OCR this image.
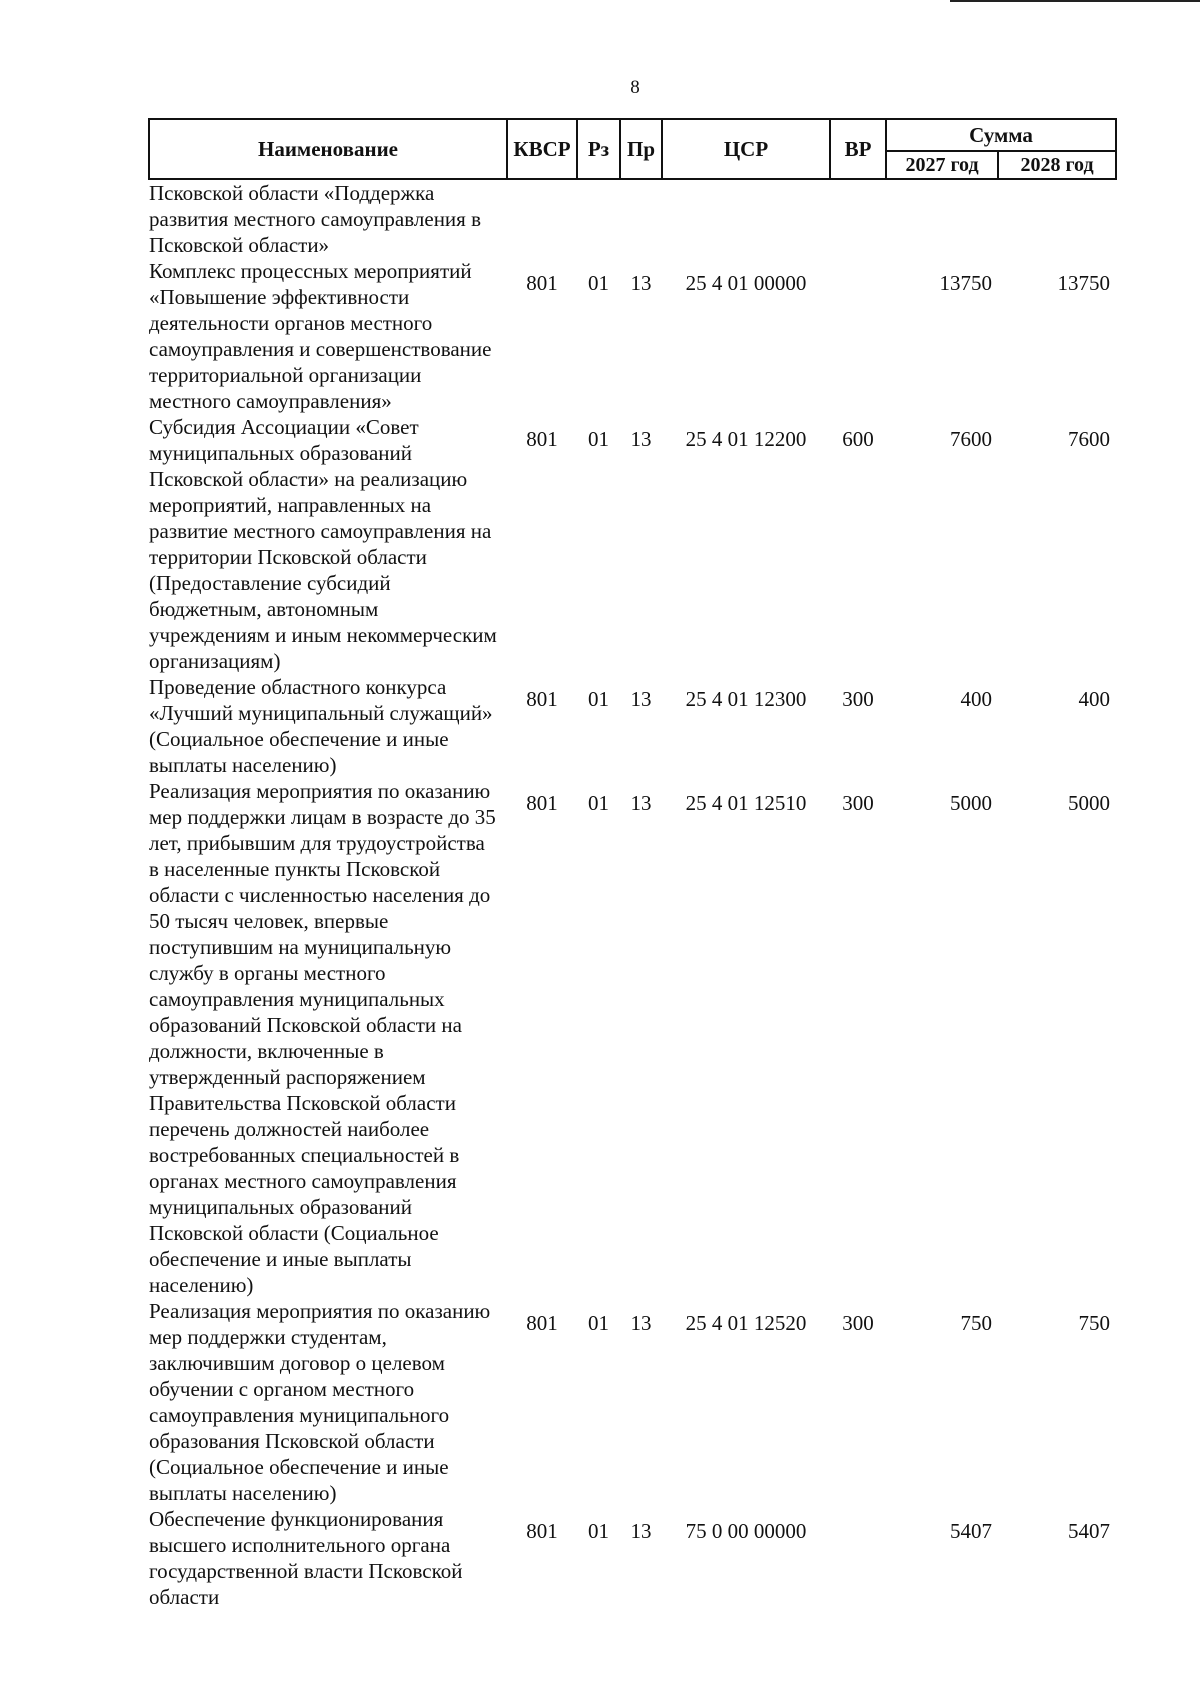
8
Наименование	КВСР	Рз	Пр	ЦСР	ВР	Сумма	
						2027 год	2028 год
Псковской области «Поддержка развития местного самоуправления в Псковской области»							
Комплекс процессных мероприятий «Повышение эффективности деятельности органов местного самоуправления и совершенствование территориальной организации местного самоуправления»	801	01	13	25 4 01 00000		13750	13750
Субсидия Ассоциации «Совет муниципальных образований Псковской области» на реализацию мероприятий, направленных на развитие местного самоуправления на территории Псковской области (Предоставление субсидий бюджетным, автономным учреждениям и иным некоммерческим организациям)	801	01	13	25 4 01 12200	600	7600	7600
Проведение областного конкурса «Лучший муниципальный служащий» (Социальное обеспечение и иные выплаты населению)	801	01	13	25 4 01 12300	300	400	400
Реализация мероприятия по оказанию мер поддержки лицам в возрасте до 35 лет, прибывшим для трудоустройства в населенные пункты Псковской области с численностью населения до 50 тысяч человек, впервые поступившим на муниципальную службу в органы местного самоуправления муниципальных образований Псковской области на должности, включенные в утвержденный распоряжением Правительства Псковской области перечень должностей наиболее востребованных специальностей в органах местного самоуправления муниципальных образований Псковской области (Социальное обеспечение и иные выплаты населению)	801	01	13	25 4 01 12510	300	5000	5000
Реализация мероприятия по оказанию мер поддержки студентам, заключившим договор о целевом обучении с органом местного самоуправления муниципального образования Псковской области (Социальное обеспечение и иные выплаты населению)	801	01	13	25 4 01 12520	300	750	750
Обеспечение функционирования высшего исполнительного органа государственной власти Псковской области	801	01	13	75 0 00 00000		5407	5407
